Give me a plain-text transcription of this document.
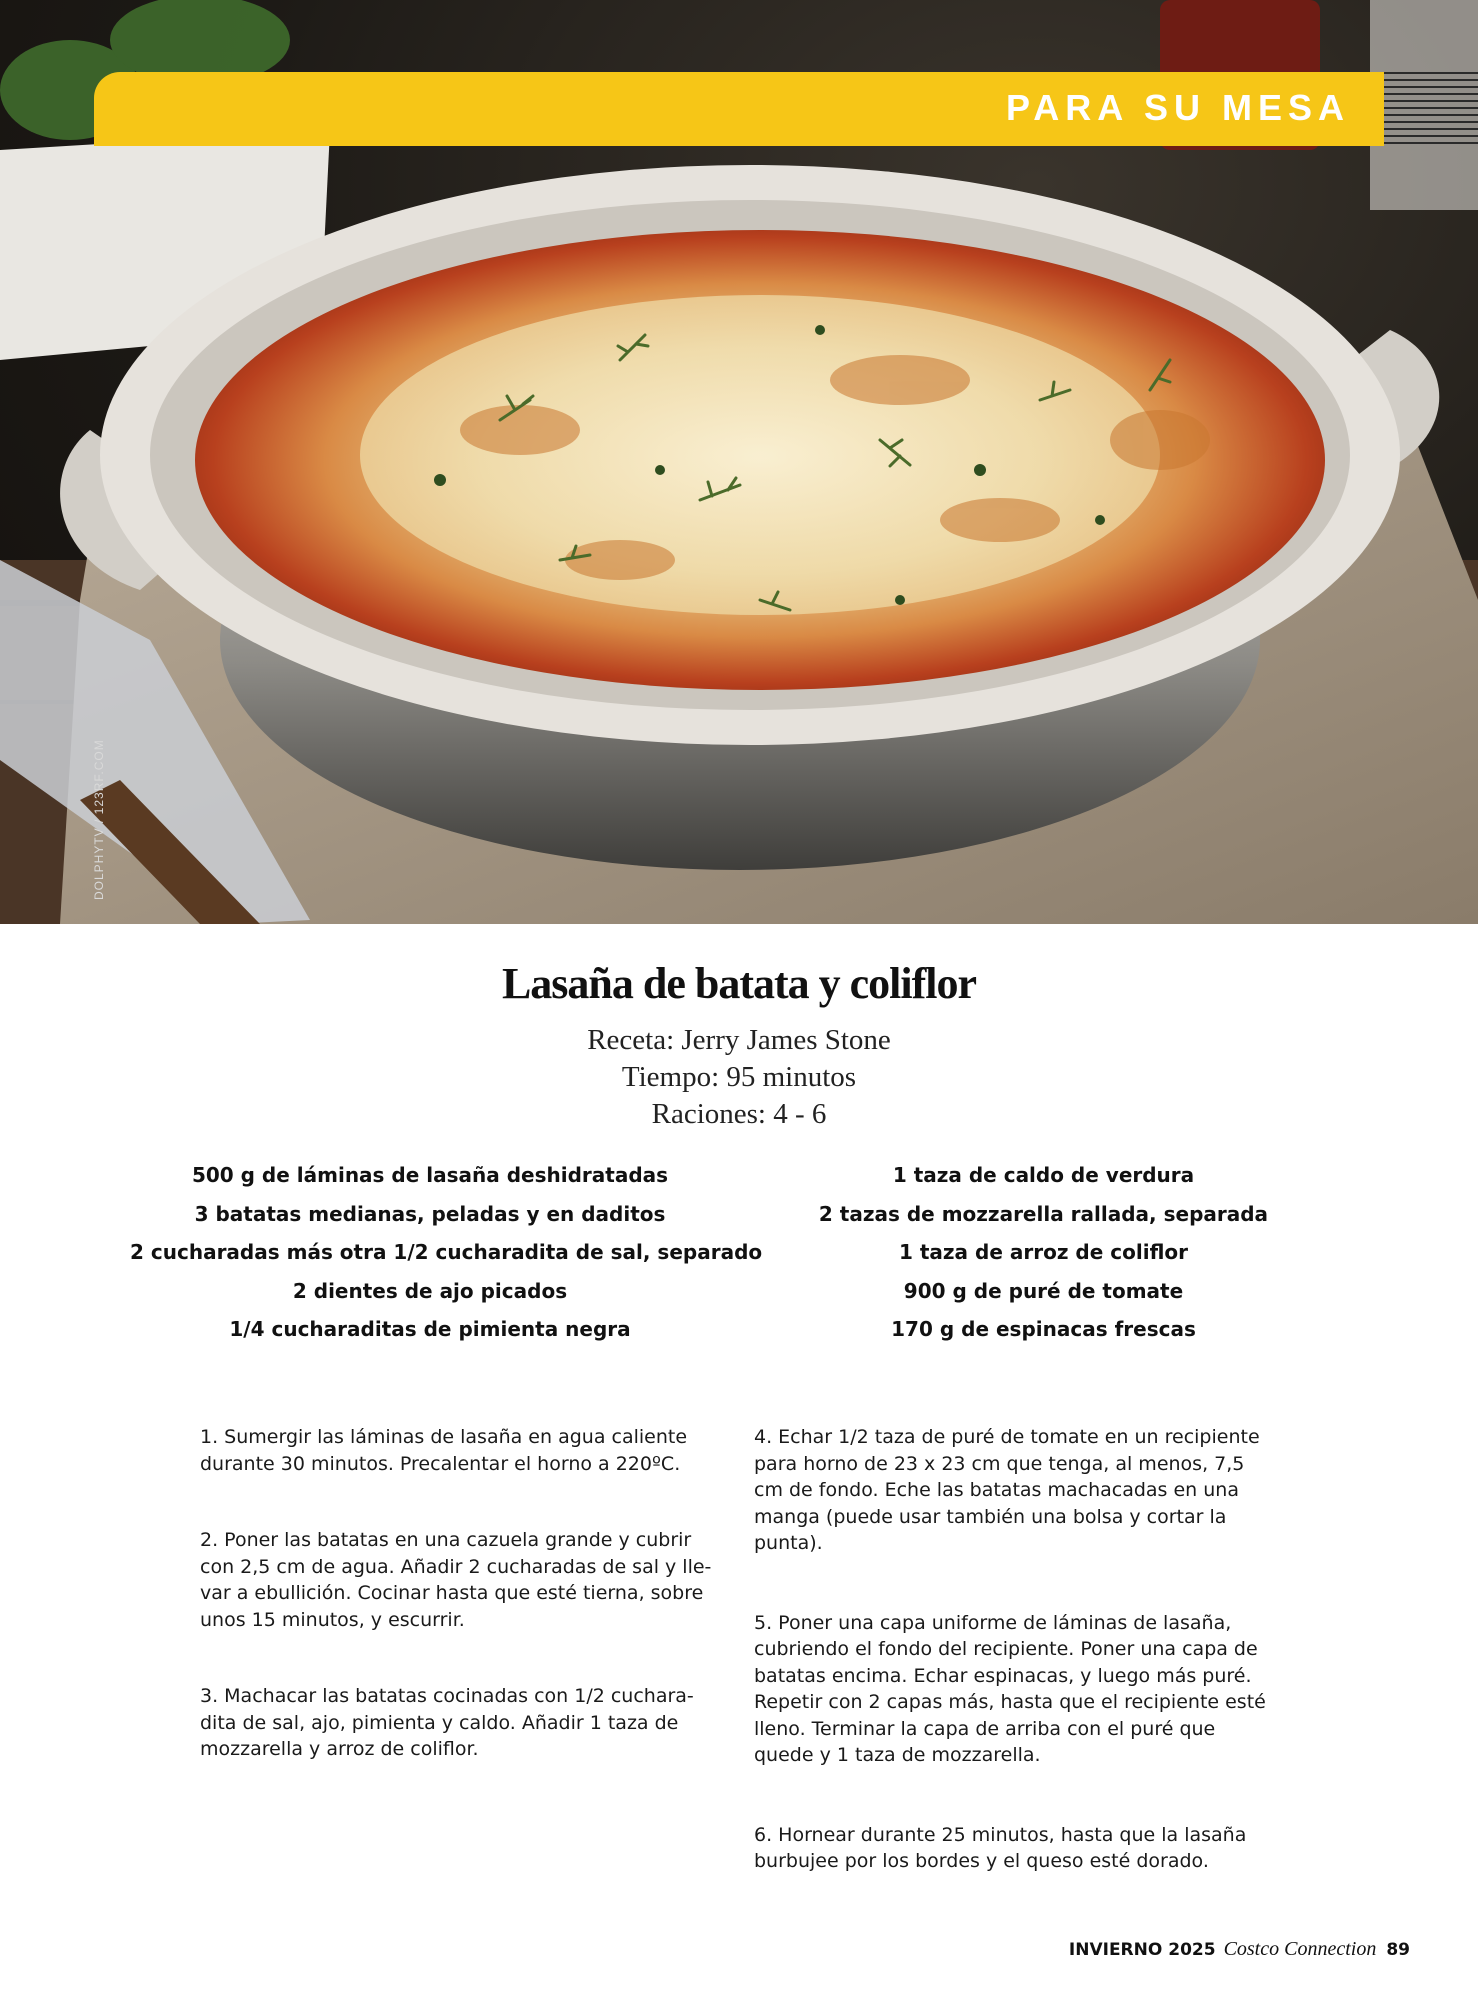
PARA SU MESA
DOLPHYTV / 123RF.COM
Lasaña de batata y coliflor
Receta: Jerry James Stone
Tiempo: 95 minutos
Raciones: 4 - 6
500 g de láminas de lasaña deshidratadas
3 batatas medianas, peladas y en daditos
2 cucharadas más otra 1/2 cucharadita de sal, separado
2 dientes de ajo picados
1/4 cucharaditas de pimienta negra
1 taza de caldo de verdura
2 tazas de mozzarella rallada, separada
1 taza de arroz de coliflor
900 g de puré de tomate
170 g de espinacas frescas

1. Sumergir las láminas de lasaña en agua caliente
durante 30 minutos. Precalentar el horno a 220ºC.

2. Poner las batatas en una cazuela grande y cubrir
con 2,5 cm de agua. Añadir 2 cucharadas de sal y lle-
var a ebullición. Cocinar hasta que esté tierna, sobre
unos 15 minutos, y escurrir.

3. Machacar las batatas cocinadas con 1/2 cuchara-
dita de sal, ajo, pimienta y caldo. Añadir 1 taza de
mozzarella y arroz de coliflor.

4. Echar 1/2 taza de puré de tomate en un recipiente
para horno de 23 x 23 cm que tenga, al menos, 7,5
cm de fondo. Eche las batatas machacadas en una
manga (puede usar también una bolsa y cortar la
punta).

5. Poner una capa uniforme de láminas de lasaña,
cubriendo el fondo del recipiente. Poner una capa de
batatas encima. Echar espinacas, y luego más puré.
Repetir con 2 capas más, hasta que el recipiente esté
lleno. Terminar la capa de arriba con el puré que
quede y 1 taza de mozzarella.

6. Hornear durante 25 minutos, hasta que la lasaña
burbujee por los bordes y el queso esté dorado.

INVIERNO 2025 Costco Connection 89
